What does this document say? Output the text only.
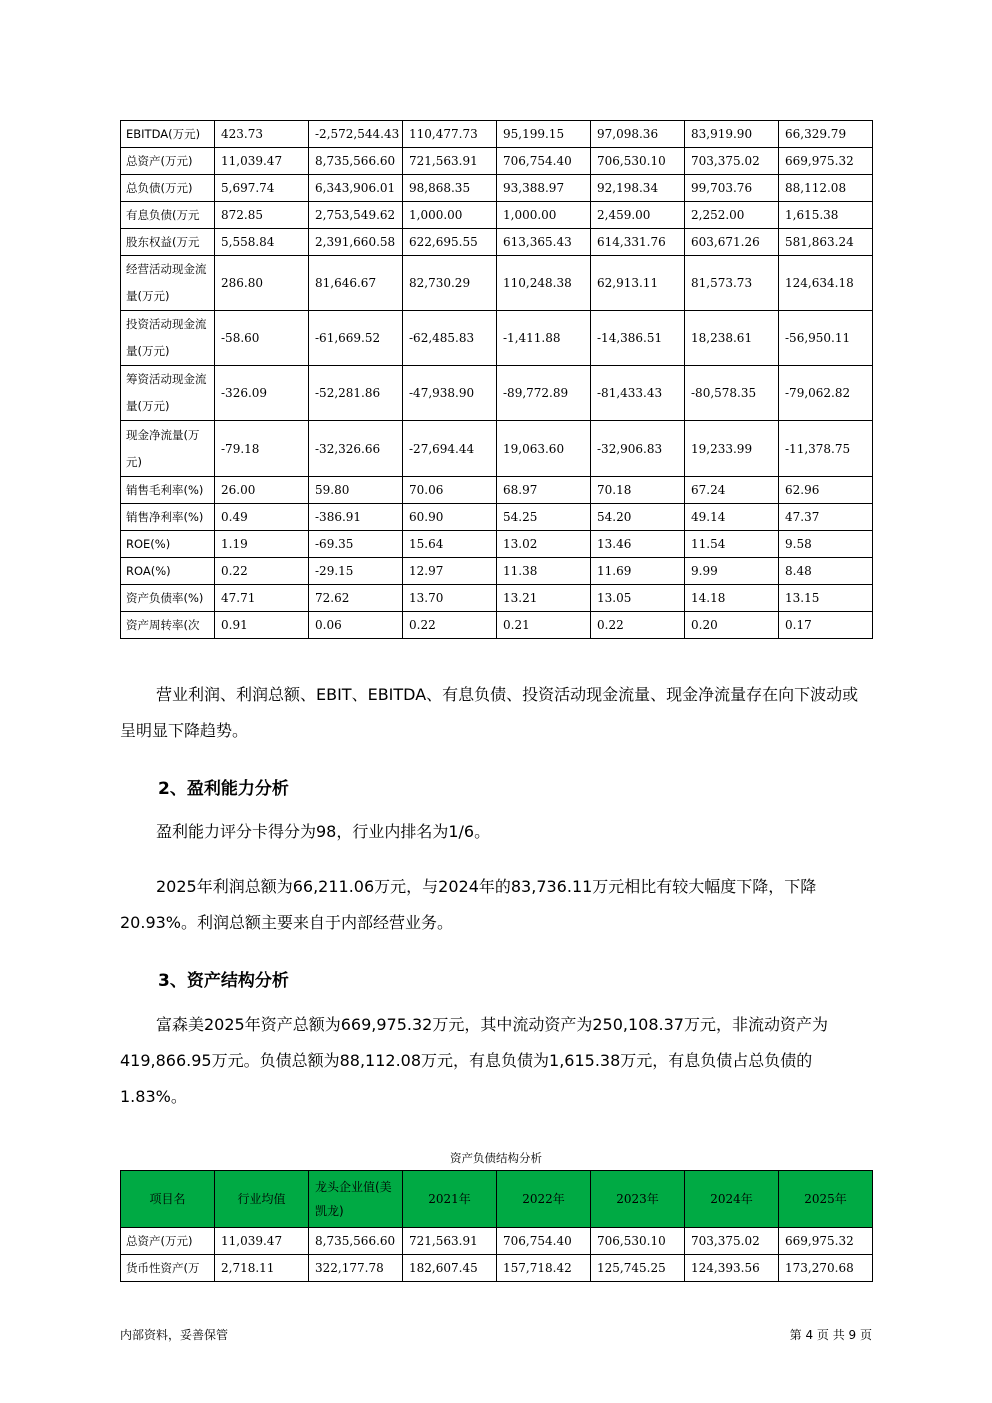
EBITDA(万元)	423.73	-2,572,544.43	110,477.73	95,199.15	97,098.36	83,919.90	66,329.79
总资产(万元)	11,039.47	8,735,566.60	721,563.91	706,754.40	706,530.10	703,375.02	669,975.32
总负债(万元)	5,697.74	6,343,906.01	98,868.35	93,388.97	92,198.34	99,703.76	88,112.08
有息负债(万元	872.85	2,753,549.62	1,000.00	1,000.00	2,459.00	2,252.00	1,615.38
股东权益(万元	5,558.84	2,391,660.58	622,695.55	613,365.43	614,331.76	603,671.26	581,863.24
经营活动现金流量(万元)	286.80	81,646.67	82,730.29	110,248.38	62,913.11	81,573.73	124,634.18
投资活动现金流量(万元)	-58.60	-61,669.52	-62,485.83	-1,411.88	-14,386.51	18,238.61	-56,950.11
筹资活动现金流量(万元)	-326.09	-52,281.86	-47,938.90	-89,772.89	-81,433.43	-80,578.35	-79,062.82
现金净流量(万元)	-79.18	-32,326.66	-27,694.44	19,063.60	-32,906.83	19,233.99	-11,378.75
销售毛利率(%)	26.00	59.80	70.06	68.97	70.18	67.24	62.96
销售净利率(%)	0.49	-386.91	60.90	54.25	54.20	49.14	47.37
ROE(%)	1.19	-69.35	15.64	13.02	13.46	11.54	9.58
ROA(%)	0.22	-29.15	12.97	11.38	11.69	9.99	8.48
资产负债率(%)	47.71	72.62	13.70	13.21	13.05	14.18	13.15
资产周转率(次	0.91	0.06	0.22	0.21	0.22	0.20	0.17
营业利润、利润总额、EBIT、EBITDA、有息负债、投资活动现金流量、现金净流量存在向下波动或呈明显下降趋势。
2、盈利能力分析
盈利能力评分卡得分为98，行业内排名为1/6。
2025年利润总额为66,211.06万元，与2024年的83,736.11万元相比有较大幅度下降，下降20.93%。利润总额主要来自于内部经营业务。
3、资产结构分析
富森美2025年资产总额为669,975.32万元，其中流动资产为250,108.37万元，非流动资产为419,866.95万元。负债总额为88,112.08万元，有息负债为1,615.38万元，有息负债占总负债的1.83%。
资产负债结构分析
项目名	行业均值	龙头企业值(美凯龙)	2021年	2022年	2023年	2024年	2025年
总资产(万元)	11,039.47	8,735,566.60	721,563.91	706,754.40	706,530.10	703,375.02	669,975.32
货币性资产(万	2,718.11	322,177.78	182,607.45	157,718.42	125,745.25	124,393.56	173,270.68
内部资料，妥善保管	第 4 页 共 9 页
